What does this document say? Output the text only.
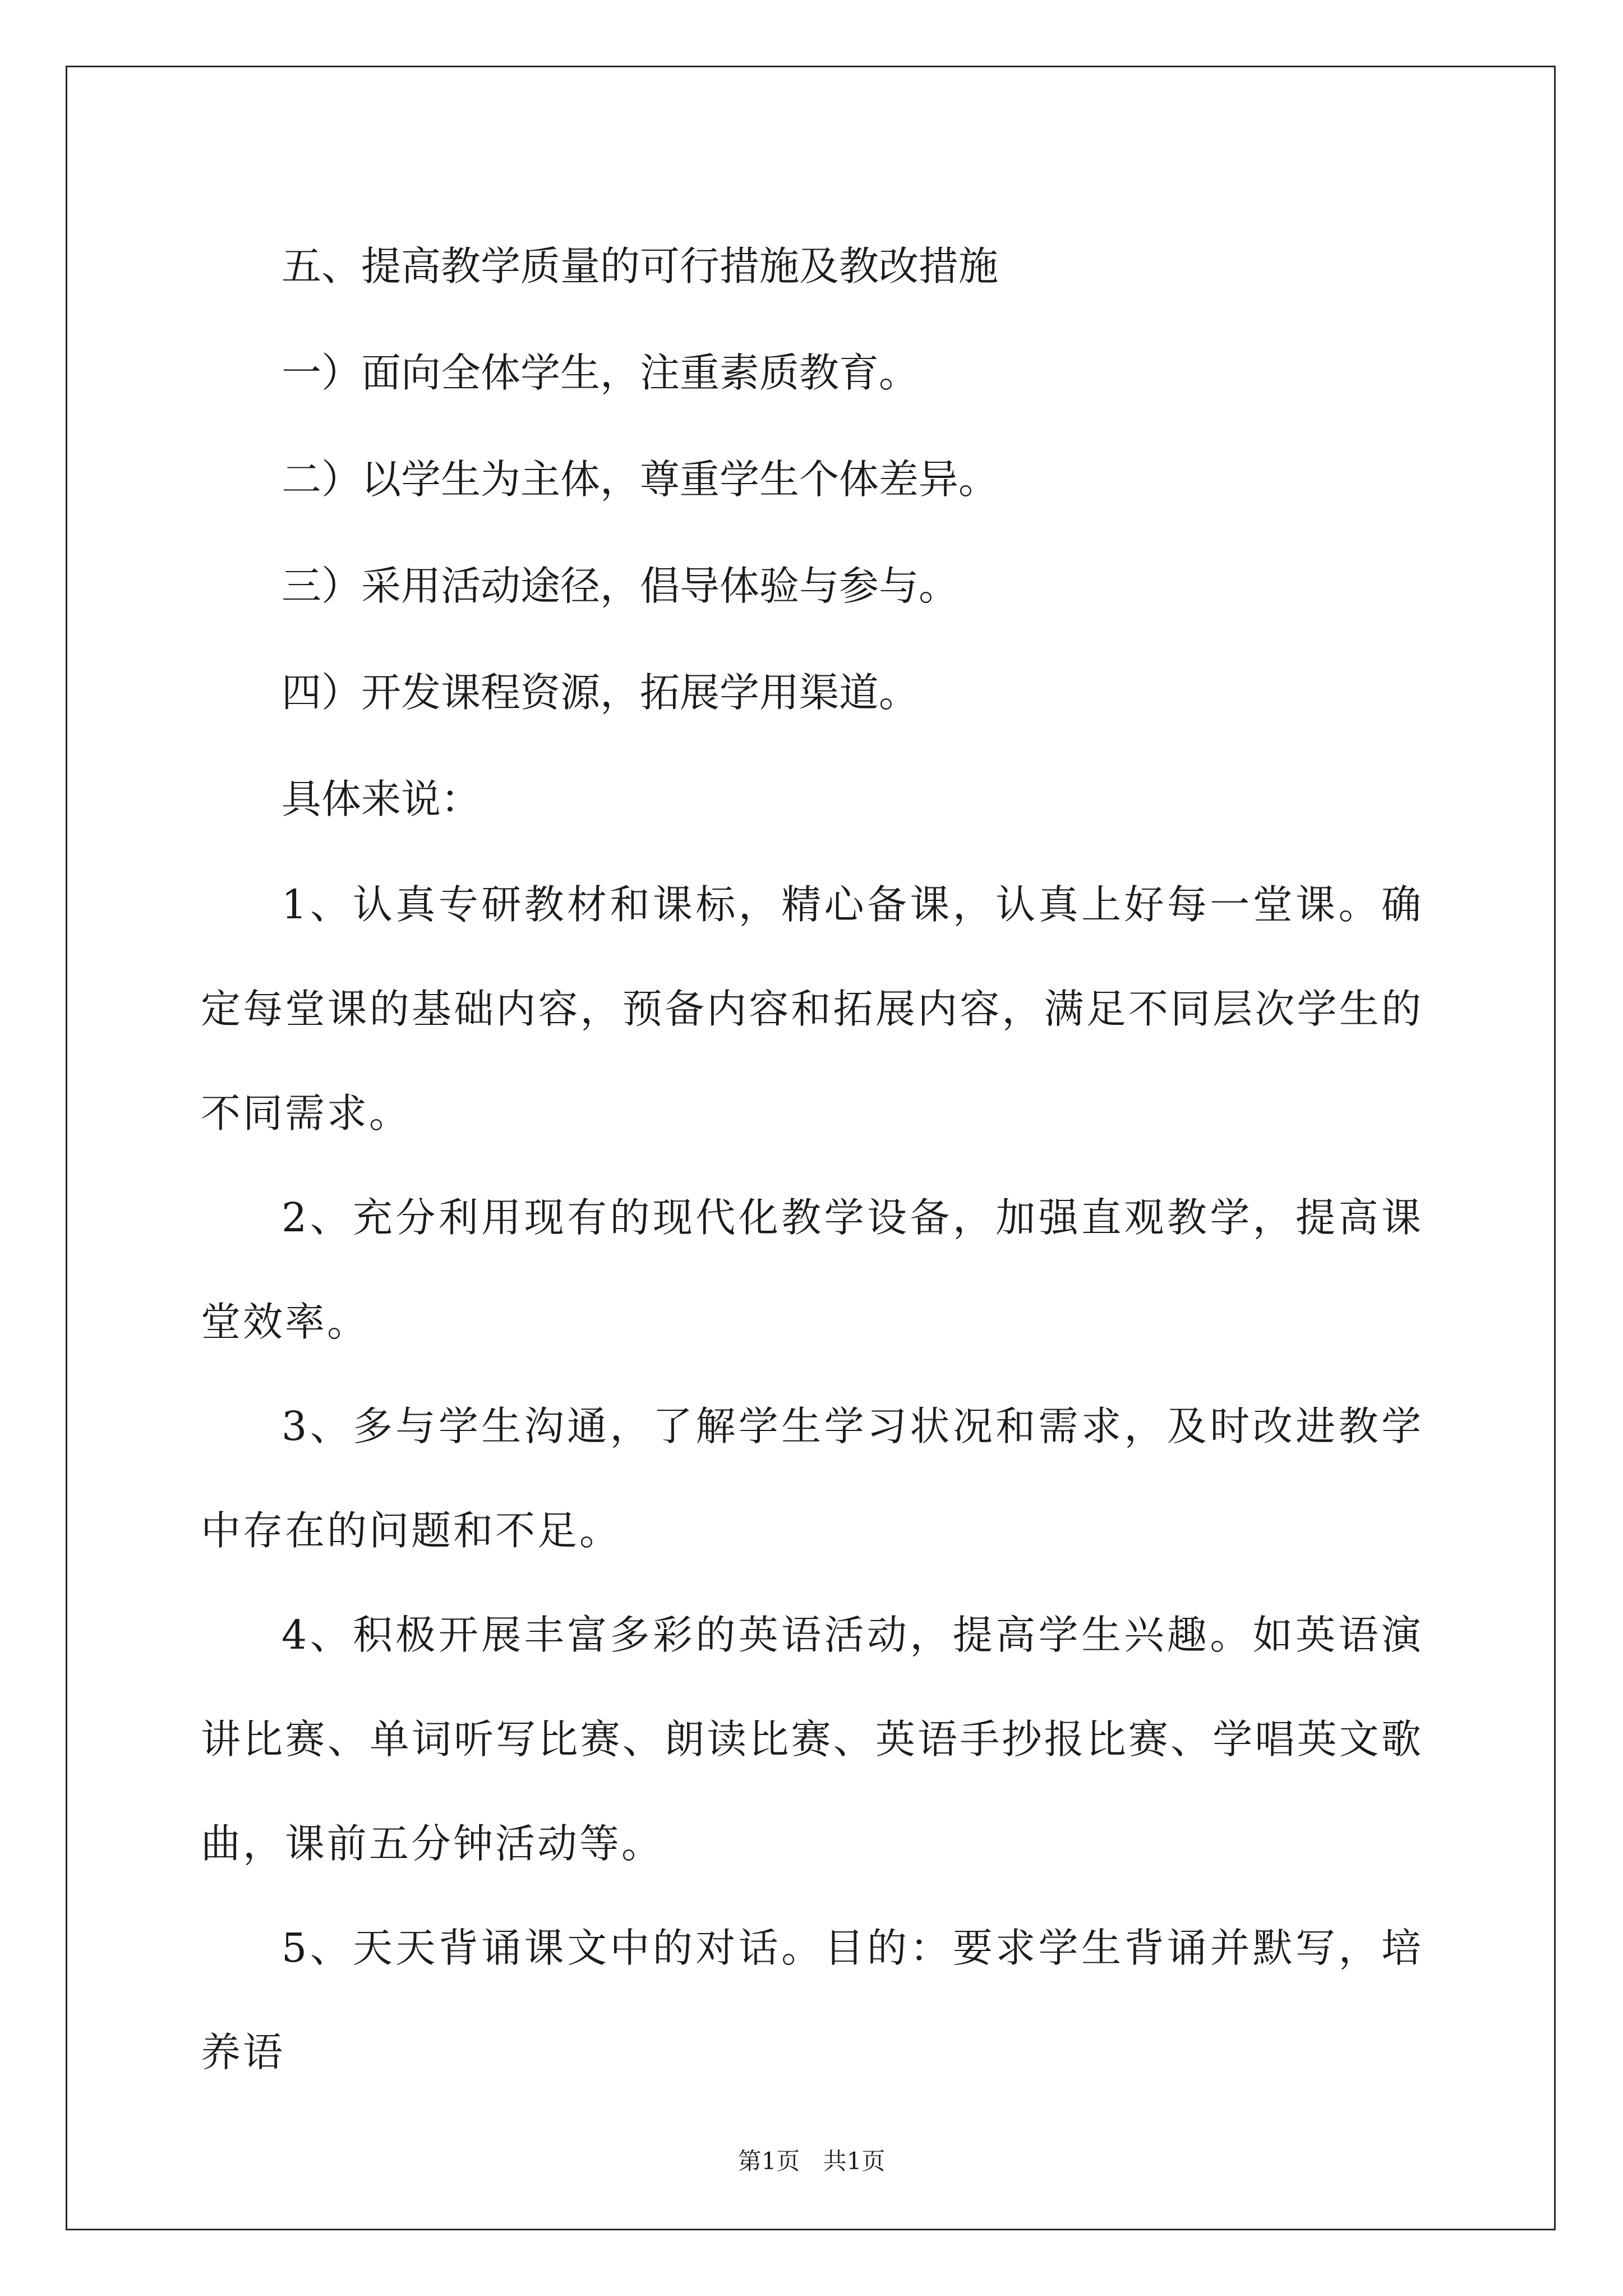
五、提高教学质量的可行措施及教改措施

一）面向全体学生，注重素质教育。

二）以学生为主体，尊重学生个体差异。

三）采用活动途径，倡导体验与参与。

四）开发课程资源，拓展学用渠道。

具体来说：

1、认真专研教材和课标，精心备课，认真上好每一堂课。确定每堂课的基础内容，预备内容和拓展内容，满足不同层次学生的不同需求。

2、充分利用现有的现代化教学设备，加强直观教学，提高课堂效率。

3、多与学生沟通，了解学生学习状况和需求，及时改进教学中存在的问题和不足。

4、积极开展丰富多彩的英语活动，提高学生兴趣。如英语演讲比赛、单词听写比赛、朗读比赛、英语手抄报比赛、学唱英文歌曲，课前五分钟活动等。

5、天天背诵课文中的对话。目的：要求学生背诵并默写，培养语

第1页 共1页
